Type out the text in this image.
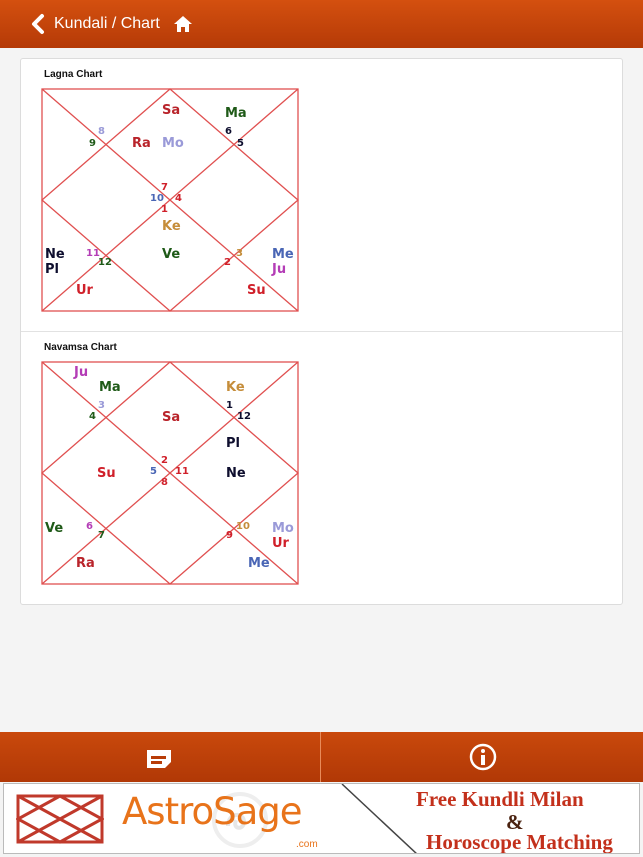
Kundali / Chart
Lagna Chart
Sa	Ma
Ra Mo
Ke
Ve
Ne
Pl
Ur
Me
Ju
Su
8
9
6
5
7
10 4
1
11
12
3
2
Navamsa Chart
Ju
Ma	Ke
Sa
Pl
Su	Ne
Ve	Mo
Ur
Ra	Me
3
4
1
12
2
5 11
8
6
7
10
9
AstroSage
.com
Free Kundli Milan
&
Horoscope Matching
